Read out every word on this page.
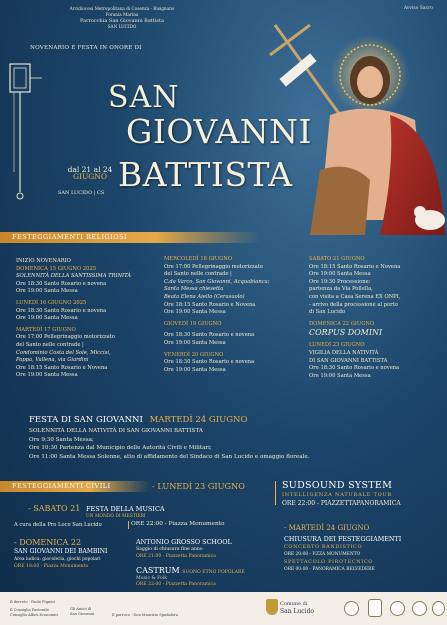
Arcidiocesi Metropolitana di Cosenza - Bisignano
Forania Marina
Parrocchia San Giovanni Battista
SAN LUCIDO
Avviso Sacro
NOVENARIO E FESTA IN ONORE DI
SAN
GIOVANNI
BATTISTA
dal 21 al 24
GIUGNO
SAN LUCIDO | CS
FESTEGGIAMENTI RELIGIOSI
INIZIO NOVENARIO
DOMENICA 15 GIUGNO 2025
SOLENNITÀ DELLA SANTISSIMA TRINITÀ
Ore 18:30 Santo Rosario e novena
Ore 19:00 Santa Messa
LUNEDÌ 16 GIUGNO 2025
Ore 18:30 Santo Rosario e novena
Ore 19:00 Santa Messa
MARTEDÌ 17 GIUGNO
Ore 17:00 Pellegrinaggio motorizzato
del Santo nelle contrade |
Condominio Costa del Sole, Miccisi,
Pappa, Vallena, via Giardini
Ore 18:15 Santo Rosario e Novena
Ore 19:00 Santa Messa
MERCOLEDÌ 18 GIUGNO
Ore 17:00 Pellegrinaggio motorizzato
del Santo nelle contrade |
C.da Varco, San Giovanni, Acquabianca;
Santa Messa chiesetta
Beata Elena Aiello (Cerasuolo)
Ore 18:15 Santo Rosario e Novena
Ore 19:00 Santa Messa
GIOVEDÌ 19 GIUGNO
Ore 18:30 Santo Rosario e novena
Ore 19:00 Santa Messa
VENERDÌ 20 GIUGNO
Ore 18:30 Santo Rosario e novena
Ore 19:00 Santa Messa
SABATO 21 GIUGNO
Ore 18:15 Santo Rosario e Novena
Ore 19:00 Santa Messa
Ore 19:30 Processione:
partenza da Via Pollella,
con visita a Casa Serena EX ONPI,
- arrivo della processione al porto
di San Lucido
DOMENICA 22 GIUGNO
CORPUS DOMINI
LUNEDÌ 23 GIUGNO
VIGILIA DELLA NATIVITÀ
DI SAN GIOVANNI BATTISTA
Ore 18:30 Santo Rosario e novena
Ore 19:00 Santa Messa
FESTA DI SAN GIOVANNI MARTEDÌ 24 GIUGNO
SOLENNITÀ DELLA NATIVITÀ DI SAN GIOVANNI BATTISTA
Ore 9:30 Santa Messa;
Ore 10:30 Partenza dal Municipio delle Autorità Civili e Militari;
Ore 11:00 Santa Messa Solenne, atto di affidamento del Sindaco di San Lucido e omaggio floreale.
FESTEGGIAMENTI CIVILI	- LUNEDÌ 23 GIUGNO	SUDSOUND SYSTEM
INTELLIGENZA NATURALE TOUR
ORE 22:00 - PIAZZETTAPANORAMICA
- SABATO 21 FESTA DELLA MUSICA
UN MONDO DI MESTIERI
A cura della Pro Loco San Lucido	ORE 22:00 - Piazza Monumento
- DOMENICA 22
SAN GIOVANNI DEI BAMBINI
Area ludica: giocoleria, giochi popolari
ORE 18:00 - Piazza Monumento
ANTONIO GROSSO SCHOOL
Saggio di chiusura fine anno
ORE 21:00 - Piazzetta Panoramica
CASTRUM SUONO ETNO POPOLARE
Music & Folk
ORE 22:00 - Piazzetta Panoramica
- MARTEDÌ 24 GIUGNO
CHIUSURA DEI FESTEGGIAMENTI
CONCERTO BANDISTICO
ORE 20:00 - P.ZZA MONUMENTO
SPETTACOLO PIROTECNICO
ORE 00:00 - PANORAMICA BELVEDERE
Il decreto - Paolo Pigneri
Il Consiglio Pastorale
Consiglio Affari Economici
Gli Amici di
San Giovanni	Il parroco - Don Maurizio Spadafora
Comune di
San Lucido
